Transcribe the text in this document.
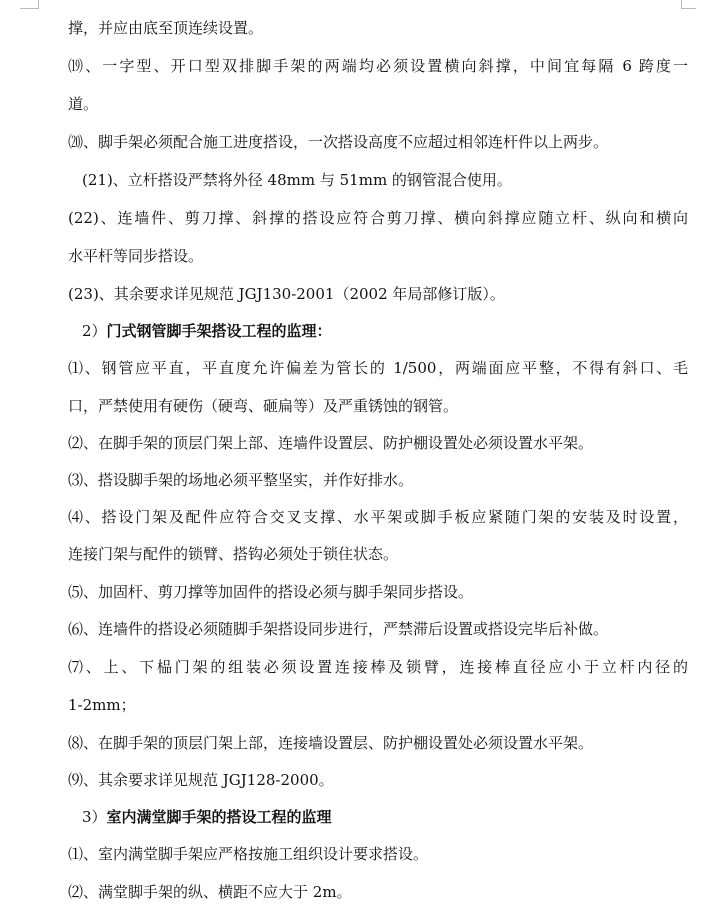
撑，并应由底至顶连续设置。
⒆、一字型、开口型双排脚手架的两端均必须设置横向斜撑，中间宜每隔 6 跨度一
道。
⒇、脚手架必须配合施工进度搭设，一次搭设高度不应超过相邻连杆件以上两步。
(21)、立杆搭设严禁将外径 48mm 与 51mm 的钢管混合使用。
(22)、连墙件、剪刀撑、斜撑的搭设应符合剪刀撑、横向斜撑应随立杆、纵向和横向
水平杆等同步搭设。
(23)、其余要求详见规范 JGJ130-2001（2002 年局部修订版）。
2）门式钢管脚手架搭设工程的监理：
⑴、钢管应平直，平直度允许偏差为管长的 1/500，两端面应平整，不得有斜口、毛
口，严禁使用有硬伤（硬弯、砸扁等）及严重锈蚀的钢管。
⑵、在脚手架的顶层门架上部、连墙件设置层、防护棚设置处必须设置水平架。
⑶、搭设脚手架的场地必须平整坚实，并作好排水。
⑷、搭设门架及配件应符合交叉支撑、水平架或脚手板应紧随门架的安装及时设置，
连接门架与配件的锁臂、搭钩必须处于锁住状态。
⑸、加固杆、剪刀撑等加固件的搭设必须与脚手架同步搭设。
⑹、连墙件的搭设必须随脚手架搭设同步进行，严禁滞后设置或搭设完毕后补做。
⑺、上、下榀门架的组装必须设置连接棒及锁臂，连接棒直径应小于立杆内径的
1-2mm；
⑻、在脚手架的顶层门架上部，连接墙设置层、防护棚设置处必须设置水平架。
⑼、其余要求详见规范 JGJ128-2000。
3）室内满堂脚手架的搭设工程的监理
⑴、室内满堂脚手架应严格按施工组织设计要求搭设。
⑵、满堂脚手架的纵、横距不应大于 2m。
